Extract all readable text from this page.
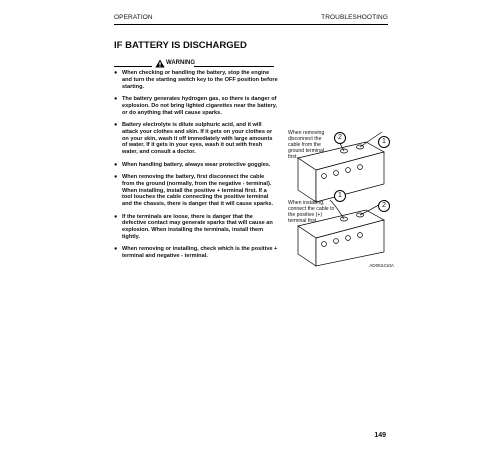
OPERATION	TROUBLESHOOTING
IF BATTERY IS DISCHARGED
WARNING
● When checking or handling the battery, stop the engine and turn the starting switch key to the OFF position before starting.
● The battery generates hydrogen gas, so there is danger of explosion. Do not bring lighted cigarettes near the battery, or do anything that will cause sparks.
● Battery electrolyte is dilute sulphuric acid, and it will attack your clothes and skin. If it gets on your clothes or on your skin, wash it off immediately with large amounts of water. If it gets in your eyes, wash it out with fresh water, and consult a doctor.
● When handling battery, always wear protective goggles.
● When removing the battery, first disconnect the cable from the ground (normally, from the negative - terminal). When installing, install the positive + terminal first. If a tool touches the cable connecting the positive terminal and the chassis, there is danger that it will cause sparks.
● If the terminals are loose, there is danger that the defective contact may generate sparks that will cause an explosion. When installing the terminals, install them tightly.
● When removing or installing, check which is the positive + terminal and negative - terminal.
When removing
disconnect the
cable from the
ground terminal
first.
2
1
When installing,
connect the cable to
the positive (+)
terminal first.
1
2
AD052410A
149
